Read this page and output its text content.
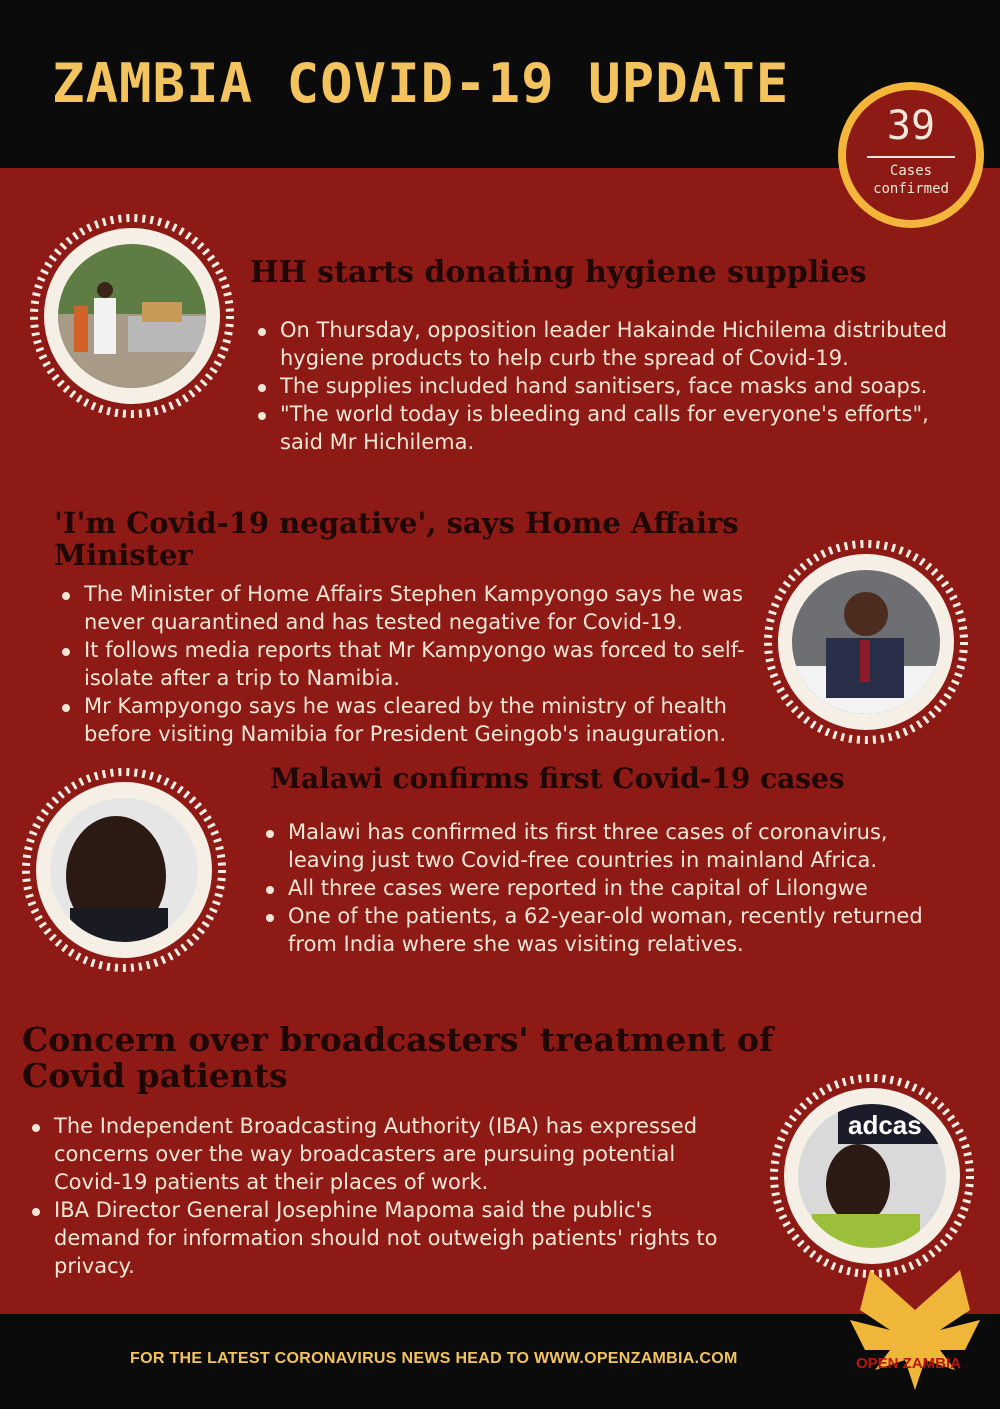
ZAMBIA COVID-19 UPDATE
39
Cases confirmed
HH starts donating hygiene supplies
On Thursday, opposition leader Hakainde Hichilema distributed hygiene products to help curb the spread of Covid-19.
The supplies included hand sanitisers, face masks and soaps.
"The world today is bleeding and calls for everyone's efforts", said Mr Hichilema.
'I'm Covid-19 negative', says Home Affairs Minister
The Minister of Home Affairs Stephen Kampyongo says he was never quarantined and has tested negative for Covid-19.
It follows media reports that Mr Kampyongo was forced to self-isolate after a trip to Namibia.
Mr Kampyongo says he was cleared by the ministry of health before visiting Namibia for President Geingob's inauguration.
Malawi confirms first Covid-19 cases
Malawi has confirmed its first three cases of coronavirus, leaving just two Covid-free countries in mainland Africa.
All three cases were reported in the capital of Lilongwe
One of the patients, a 62-year-old woman, recently returned from India where she was visiting relatives.
Concern over broadcasters' treatment of Covid patients
The Independent Broadcasting Authority (IBA) has expressed concerns over the way broadcasters are pursuing potential Covid-19 patients at their places of work.
IBA Director General Josephine Mapoma said the public's demand for information should not outweigh patients' rights to privacy.
adcas
FOR THE LATEST CORONAVIRUS NEWS HEAD TO WWW.OPENZAMBIA.COM	OPEN ZAMBIA
